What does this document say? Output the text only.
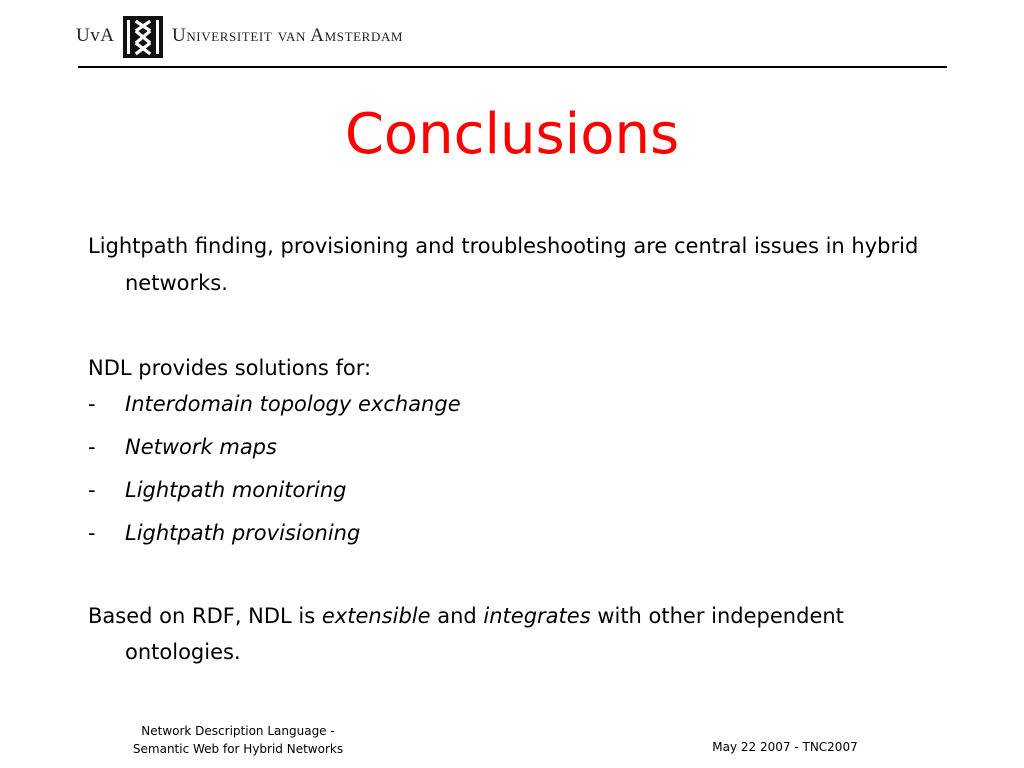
UvA	Universiteit van Amsterdam
Conclusions

Lightpath finding, provisioning and troubleshooting are central issues in hybrid networks.

NDL provides solutions for:

-	Interdomain topology exchange
-	Network maps
-	Lightpath monitoring
-	Lightpath provisioning

Based on RDF, NDL is extensible and integrates with other independent ontologies.

Network Description Language -
Semantic Web for Hybrid Networks	May 22 2007 - TNC2007
